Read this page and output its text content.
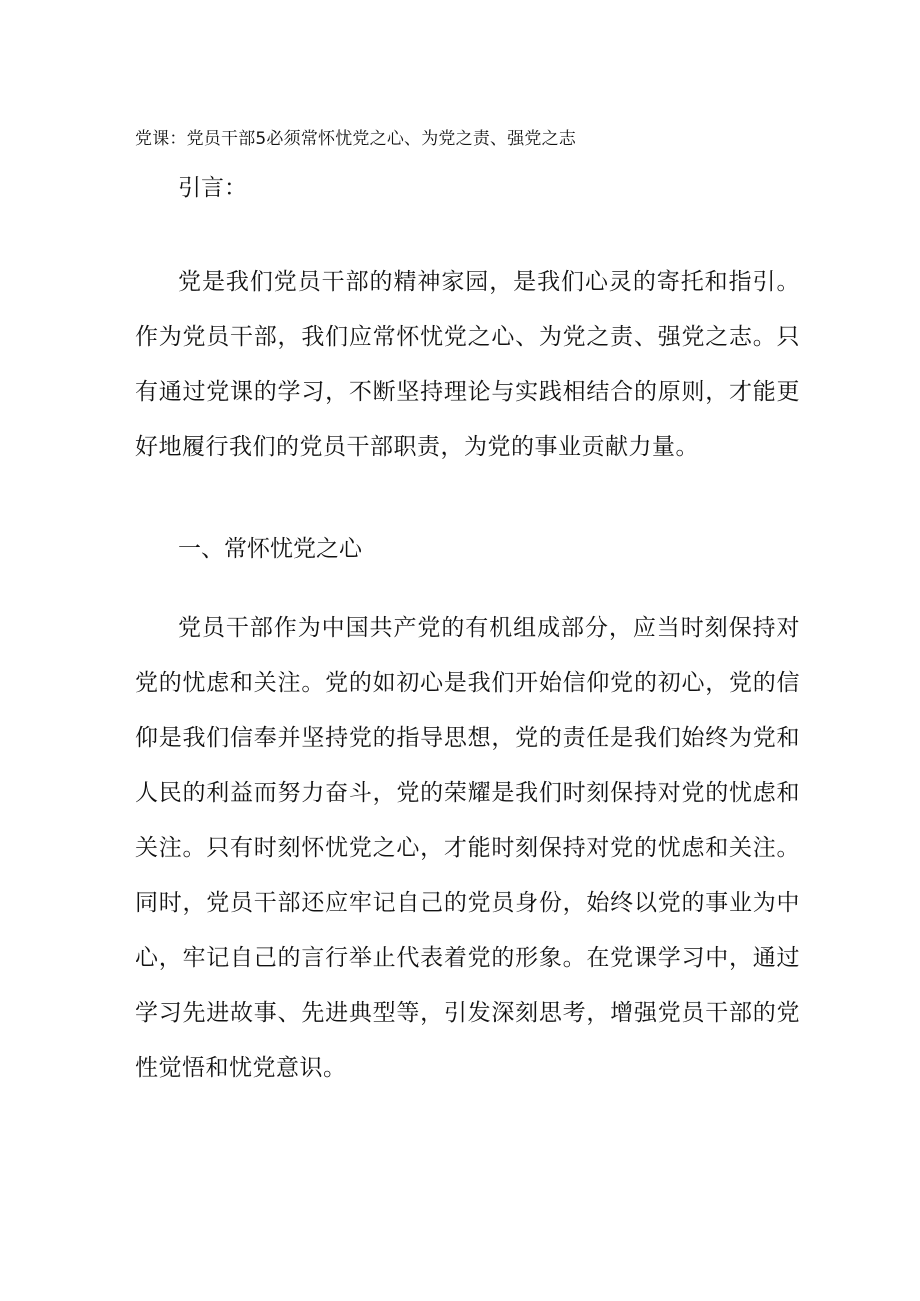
党课：党员干部5必须常怀忧党之心、为党之责、强党之志
引言：

党是我们党员干部的精神家园，是我们心灵的寄托和指引。作为党员干部，我们应常怀忧党之心、为党之责、强党之志。只有通过党课的学习，不断坚持理论与实践相结合的原则，才能更好地履行我们的党员干部职责，为党的事业贡献力量。

一、常怀忧党之心

党员干部作为中国共产党的有机组成部分，应当时刻保持对党的忧虑和关注。党的如初心是我们开始信仰党的初心，党的信仰是我们信奉并坚持党的指导思想，党的责任是我们始终为党和人民的利益而努力奋斗，党的荣耀是我们时刻保持对党的忧虑和关注。只有时刻怀忧党之心，才能时刻保持对党的忧虑和关注。同时，党员干部还应牢记自己的党员身份，始终以党的事业为中心，牢记自己的言行举止代表着党的形象。在党课学习中，通过学习先进故事、先进典型等，引发深刻思考，增强党员干部的党性觉悟和忧党意识。
